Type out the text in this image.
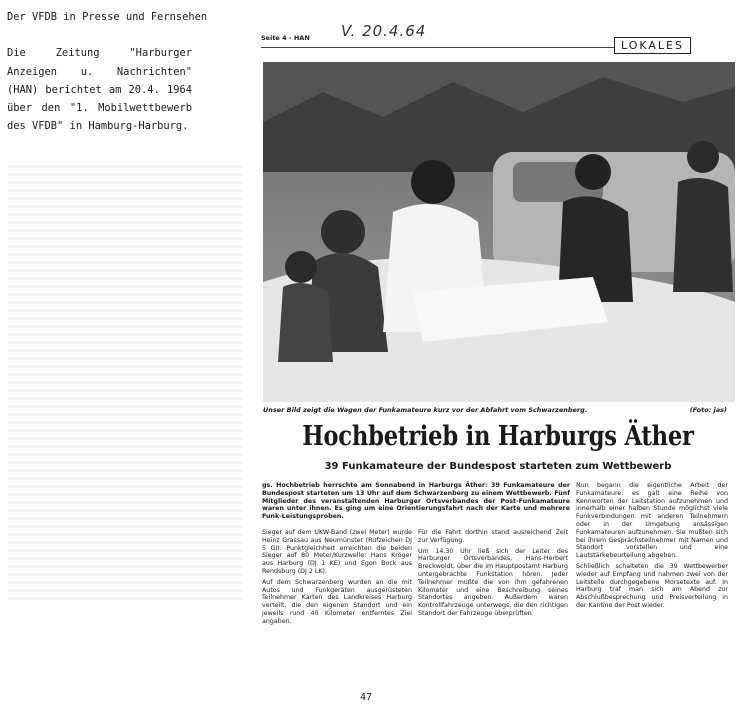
Der VFDB in Presse und Fernsehen
Die Zeitung "Harburger Anzeigen u. Nachrichten" (HAN) berichtet am 20.4. 1964 über den "1. Mobilwettbewerb des VFDB" in Hamburg-Harburg.
Seite 4 - HAN V. 20.4.64
LOKALES
Unser Bild zeigt die Wagen der Funkamateure kurz vor der Abfahrt vom Schwarzenberg.	(Foto: jas)
Hochbetrieb in Harburgs Äther
39 Funkamateure der Bundespost starteten zum Wettbewerb

gs. Hochbetrieb herrschte am Sonnabend in Harburgs Äther: 39 Funkamateure der Bundespost starteten um 13 Uhr auf dem Schwarzenberg zu einem Wettbewerb. Fünf Mitglieder des veranstaltenden Harburger Ortsverbandes der Post-Funkamateure waren unter ihnen. Es ging um eine Orientierungsfahrt nach der Karte und mehrere Funk-Leistungsproben.

Sieger auf dem UKW-Band (zwei Meter) wurde Heinz Grassau aus Neumünster (Rufzeichen DJ 5 GI). Punktgleichheit erreichten die beiden Sieger auf 80 Meter/Kurzwelle: Hans Kröger aus Harburg (DJ 1 KE) und Egon Bock aus Rendsburg (DJ 2 LK).

Auf dem Schwarzenberg wurden an die mit Autos und Funkgeräten ausgerüsteten Teilnehmer Karten des Landkreises Harburg verteilt, die den eigenen Standort und ein jeweils rund 40 Kilometer entferntes Ziel angaben.

Für die Fahrt dorthin stand ausreichend Zeit zur Verfügung.

Um 14.30 Uhr ließ sich der Leiter des Harburger Ortsverbandes, Hans-Herbert Breckwoldt, über die im Hauptpostamt Harburg untergebrachte Funkstation hören. Jeder Teilnehmer mußte die von ihm gefahrenen Kilometer und eine Beschreibung seines Standortes angeben. Außerdem waren Kontrollfahrzeuge unterwegs, die den richtigen Standort der Fahrzeuge überprüften.

Nun begann die eigentliche Arbeit der Funkamateure: es galt eine Reihe von Kennworten der Leitstation aufzunehmen und innerhalb einer halben Stunde möglichst viele Funkverbindungen mit anderen Teilnehmern oder in der Umgebung ansässigen Funkamateuren aufzunehmen. Sie mußten sich bei ihrem Gesprächsteilnehmer mit Namen und Standort vorstellen und eine Lautstärkebeurteilung abgeben.

Schließlich schalteten die 39 Wettbewerber wieder auf Empfang und nahmen zwei von der Leitstelle durchgegebene Morsetexte auf. In Harburg traf man sich am Abend zur Abschlußbesprechung und Preisverteilung in der Kantine der Post wieder.

47
